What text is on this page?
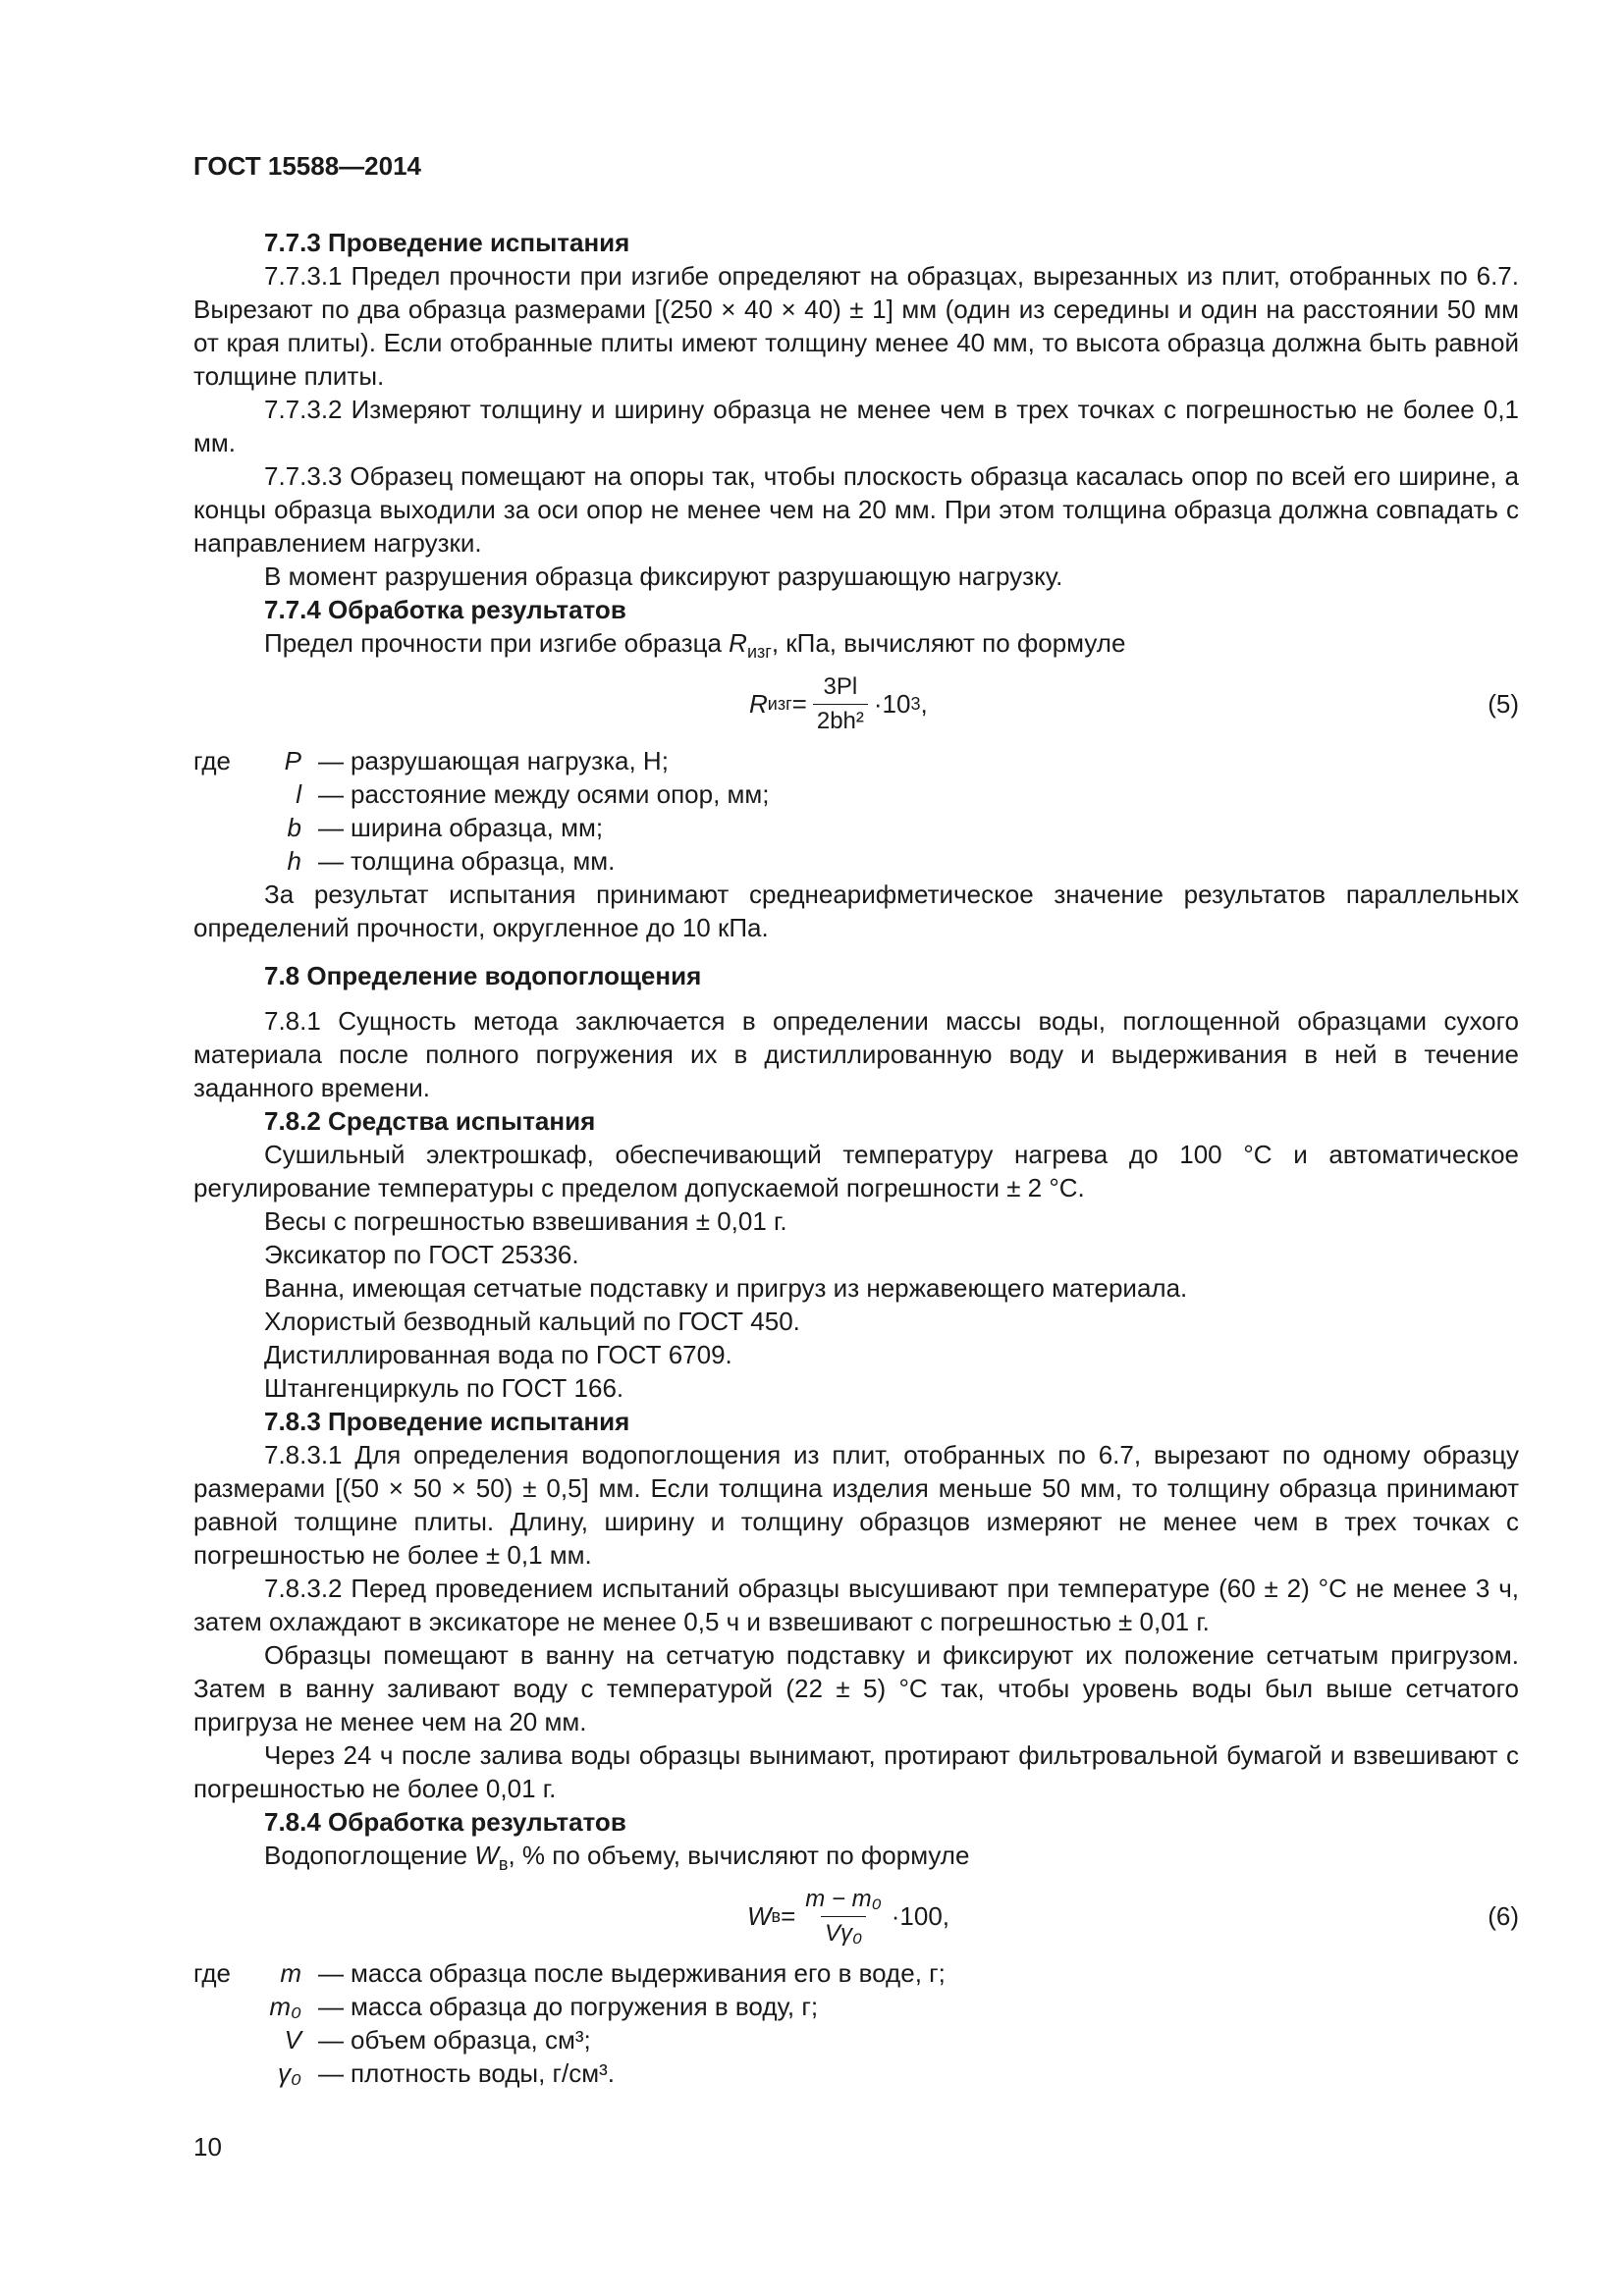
ГОСТ 15588—2014

7.7.3 Проведение испытания

7.7.3.1 Предел прочности при изгибе определяют на образцах, вырезанных из плит, отобранных по 6.7. Вырезают по два образца размерами [(250 × 40 × 40) ± 1] мм (один из середины и один на расстоянии 50 мм от края плиты). Если отобранные плиты имеют толщину менее 40 мм, то высота образца должна быть равной толщине плиты.

7.7.3.2 Измеряют толщину и ширину образца не менее чем в трех точках с погрешностью не более 0,1 мм.

7.7.3.3 Образец помещают на опоры так, чтобы плоскость образца касалась опор по всей его ширине, а концы образца выходили за оси опор не менее чем на 20 мм. При этом толщина образца должна совпадать с направлением нагрузки.

В момент разрушения образца фиксируют разрушающую нагрузку.

7.7.4 Обработка результатов

Предел прочности при изгибе образца $R_{изг}$, кПа, вычисляют по формуле

R изг = $\frac{3Pl}{\text{2bh²}} \cdot 10$ 3 ,	(5)
где P — разрушающая нагрузка, Н;
l — расстояние между осями опор, мм;
b — ширина образца, мм;
h — толщина образца, мм.

За результат испытания принимают среднеарифметическое значение результатов параллельных определений прочности, округленное до 10 кПа.

7.8 Определение водопоглощения

7.8.1 Сущность метода заключается в определении массы воды, поглощенной образцами сухого материала после полного погружения их в дистиллированную воду и выдерживания в ней в течение заданного времени.

7.8.2 Средства испытания

Сушильный электрошкаф, обеспечивающий температуру нагрева до 100 °С и автоматическое регулирование температуры с пределом допускаемой погрешности ± 2 °С.

Весы с погрешностью взвешивания ± 0,01 г.

Эксикатор по ГОСТ 25336.

Ванна, имеющая сетчатые подставку и пригруз из нержавеющего материала.

Хлористый безводный кальций по ГОСТ 450.

Дистиллированная вода по ГОСТ 6709.

Штангенциркуль по ГОСТ 166.

7.8.3 Проведение испытания

7.8.3.1 Для определения водопоглощения из плит, отобранных по 6.7, вырезают по одному образцу размерами [(50 × 50 × 50) ± 0,5] мм. Если толщина изделия меньше 50 мм, то толщину образца принимают равной толщине плиты. Длину, ширину и толщину образцов измеряют не менее чем в трех точках с погрешностью не более ± 0,1 мм.

7.8.3.2 Перед проведением испытаний образцы высушивают при температуре (60 ± 2) °С не менее 3 ч, затем охлаждают в эксикаторе не менее 0,5 ч и взвешивают с погрешностью ± 0,01 г.

Образцы помещают в ванну на сетчатую подставку и фиксируют их положение сетчатым пригрузом. Затем в ванну заливают воду с температурой (22 ± 5) °С так, чтобы уровень воды был выше сетчатого пригруза не менее чем на 20 мм.

Через 24 ч после залива воды образцы вынимают, протирают фильтровальной бумагой и взвешивают с погрешностью не более 0,01 г.

7.8.4 Обработка результатов

Водопоглощение $W_в$, % по объему, вычисляют по формуле

W $в = \frac{\text{m − m₀}}{\text{Vγ₀}} \cdot 100$ ,	(6)
где m — масса образца после выдерживания его в воде, г;
m₀ — масса образца до погружения в воду, г;
V — объем образца, см³;
γ₀ — плотность воды, г/см³.
10
